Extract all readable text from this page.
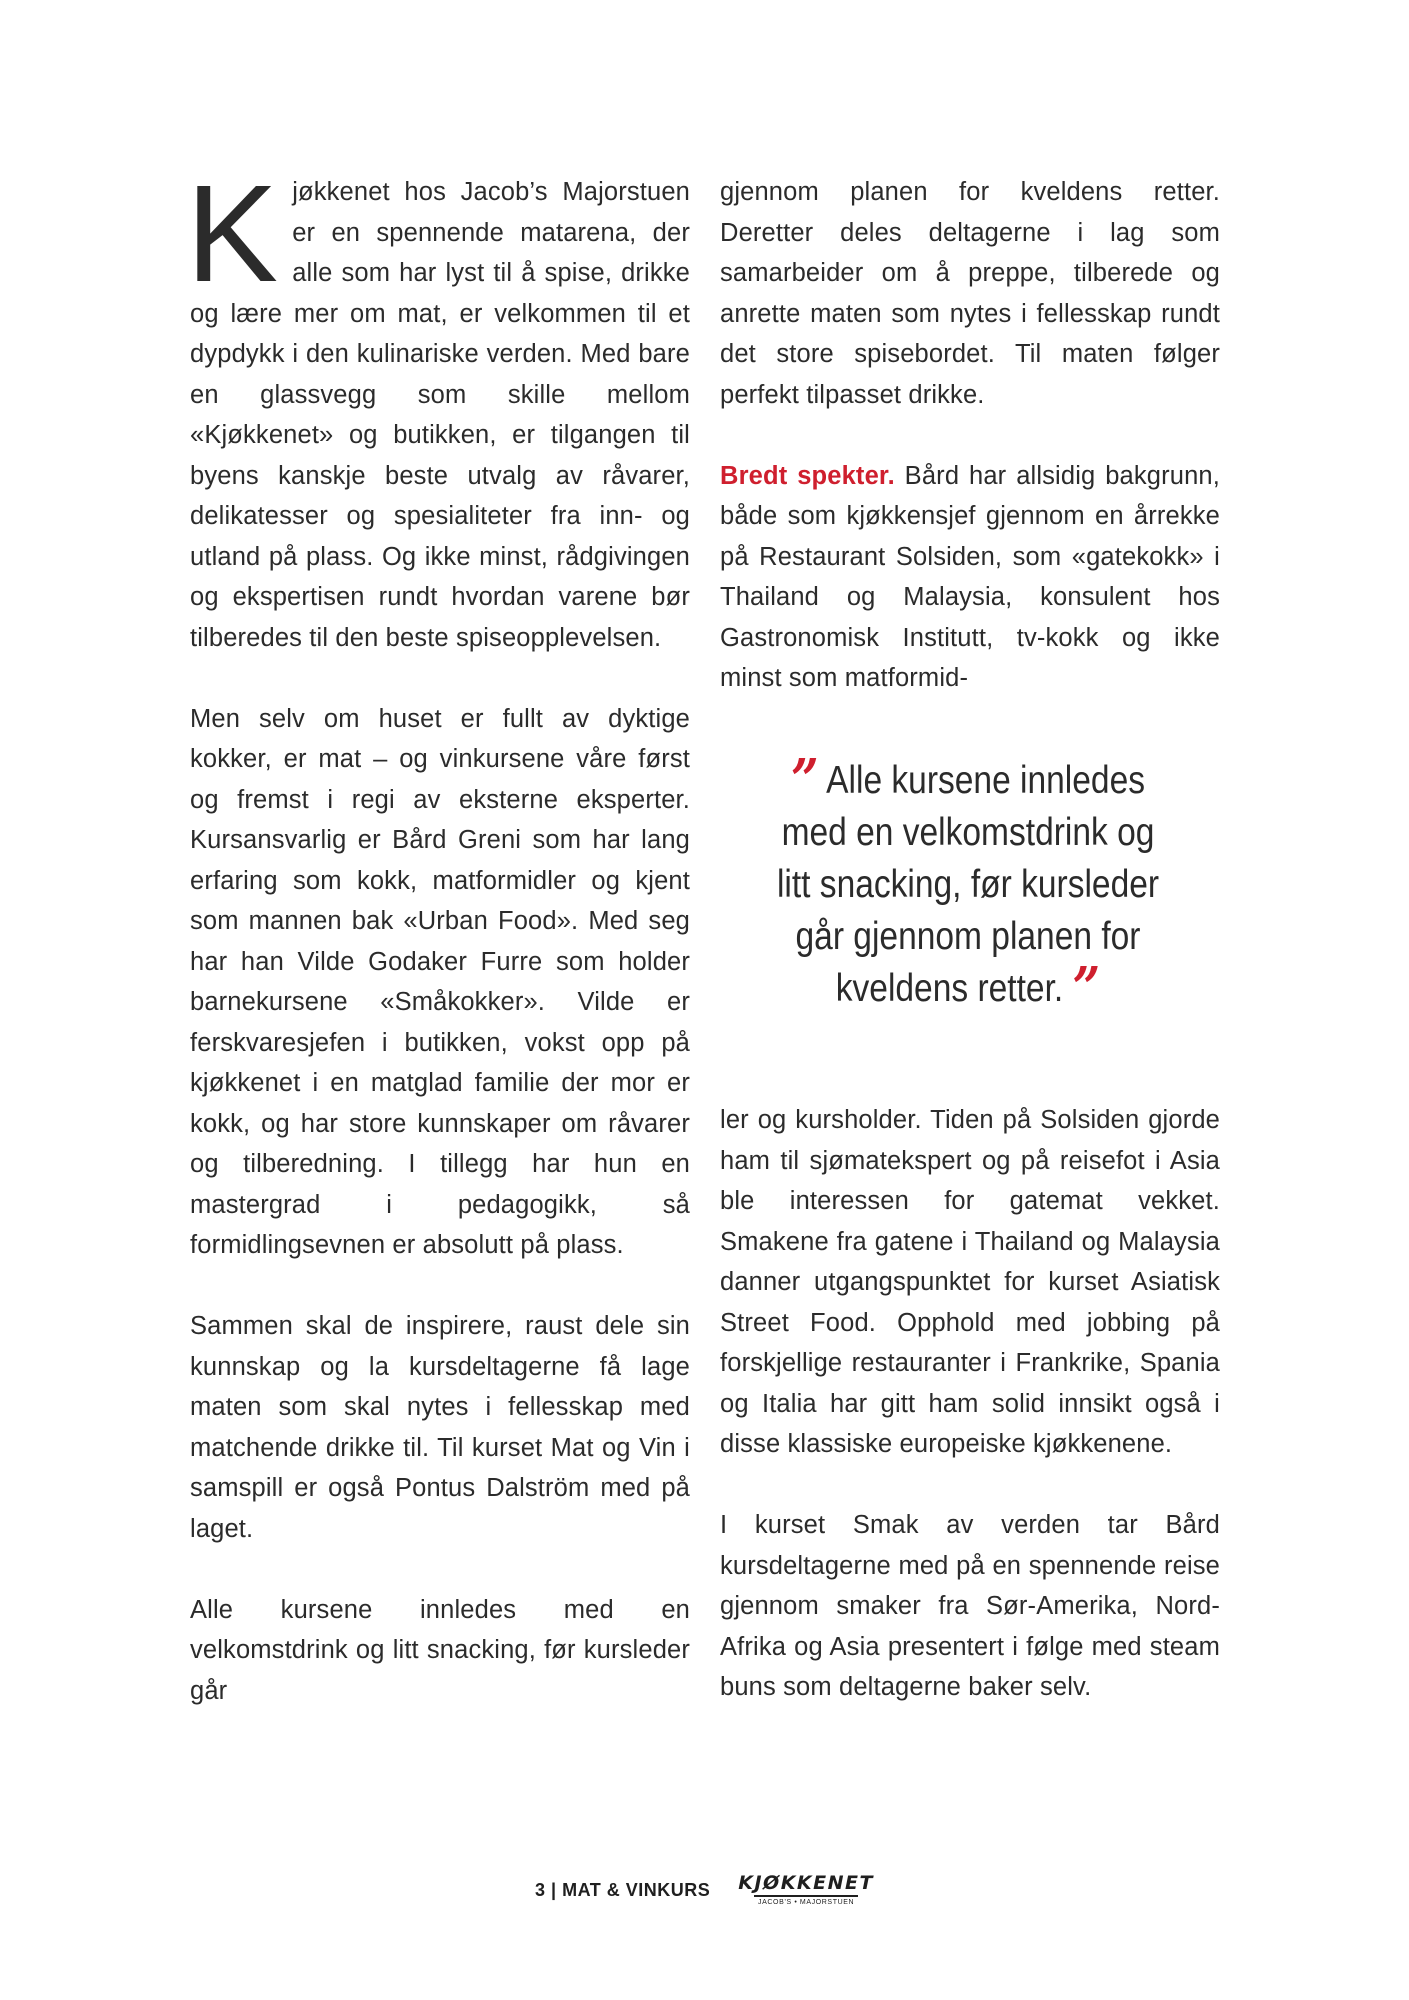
Kjøkkenet hos Jacob’s Majorstuen er en spennende matarena, der alle som har lyst til å spise, drikke og lære mer om mat, er velkommen til et dypdykk i den kulinariske verden. Med bare en glassvegg som skille mellom «Kjøkkenet» og butikken, er tilgangen til byens kanskje beste utvalg av råvarer, delikatesser og spesialiteter fra inn- og utland på plass. Og ikke minst, rådgivingen og ekspertisen rundt hvordan varene bør tilberedes til den beste spiseopplevelsen.

Men selv om huset er fullt av dyktige kokker, er mat – og vinkursene våre først og fremst i regi av eksterne eksperter. Kursansvarlig er Bård Greni som har lang erfaring som kokk, matformidler og kjent som mannen bak «Urban Food». Med seg har han Vilde Godaker Furre som holder barnekursene «Småkokker». Vilde er ferskvaresjefen i butikken, vokst opp på kjøkkenet i en matglad familie der mor er kokk, og har store kunnskaper om råvarer og tilberedning. I tillegg har hun en mastergrad i pedagogikk, så formidlingsevnen er absolutt på plass.

Sammen skal de inspirere, raust dele sin kunnskap og la kursdeltagerne få lage maten som skal nytes i fellesskap med matchende drikke til. Til kurset Mat og Vin i samspill er også Pontus Dalström med på laget.

Alle kursene innledes med en velkomstdrink og litt snacking, før kursleder går

gjennom planen for kveldens retter. Deretter deles deltagerne i lag som samarbeider om å preppe, tilberede og anrette maten som nytes i fellesskap rundt det store spisebordet. Til maten følger perfekt tilpasset drikke.

Bredt spekter. Bård har allsidig bakgrunn, både som kjøkkensjef gjennom en årrekke på Restaurant Solsiden, som «gatekokk» i Thailand og Malaysia, konsulent hos Gastronomisk Institutt, tv-kokk og ikke minst som matformid-

” Alle kursene innledes med en velkomstdrink og litt snacking, før kursleder går gjennom planen for kveldens retter. ”

ler og kursholder. Tiden på Solsiden gjorde ham til sjømatekspert og på reisefot i Asia ble interessen for gatemat vekket. Smakene fra gatene i Thailand og Malaysia danner utgangspunktet for kurset Asiatisk Street Food. Opphold med jobbing på forskjellige restauranter i Frankrike, Spania og Italia har gitt ham solid innsikt også i disse klassiske europeiske kjøkkenene.

I kurset Smak av verden tar Bård kursdeltagerne med på en spennende reise gjennom smaker fra Sør-Amerika, Nord-Afrika og Asia presentert i følge med steam buns som deltagerne baker selv.

3 | MAT & VINKURS KJØKKENET
JACOB’S • MAJORSTUEN
